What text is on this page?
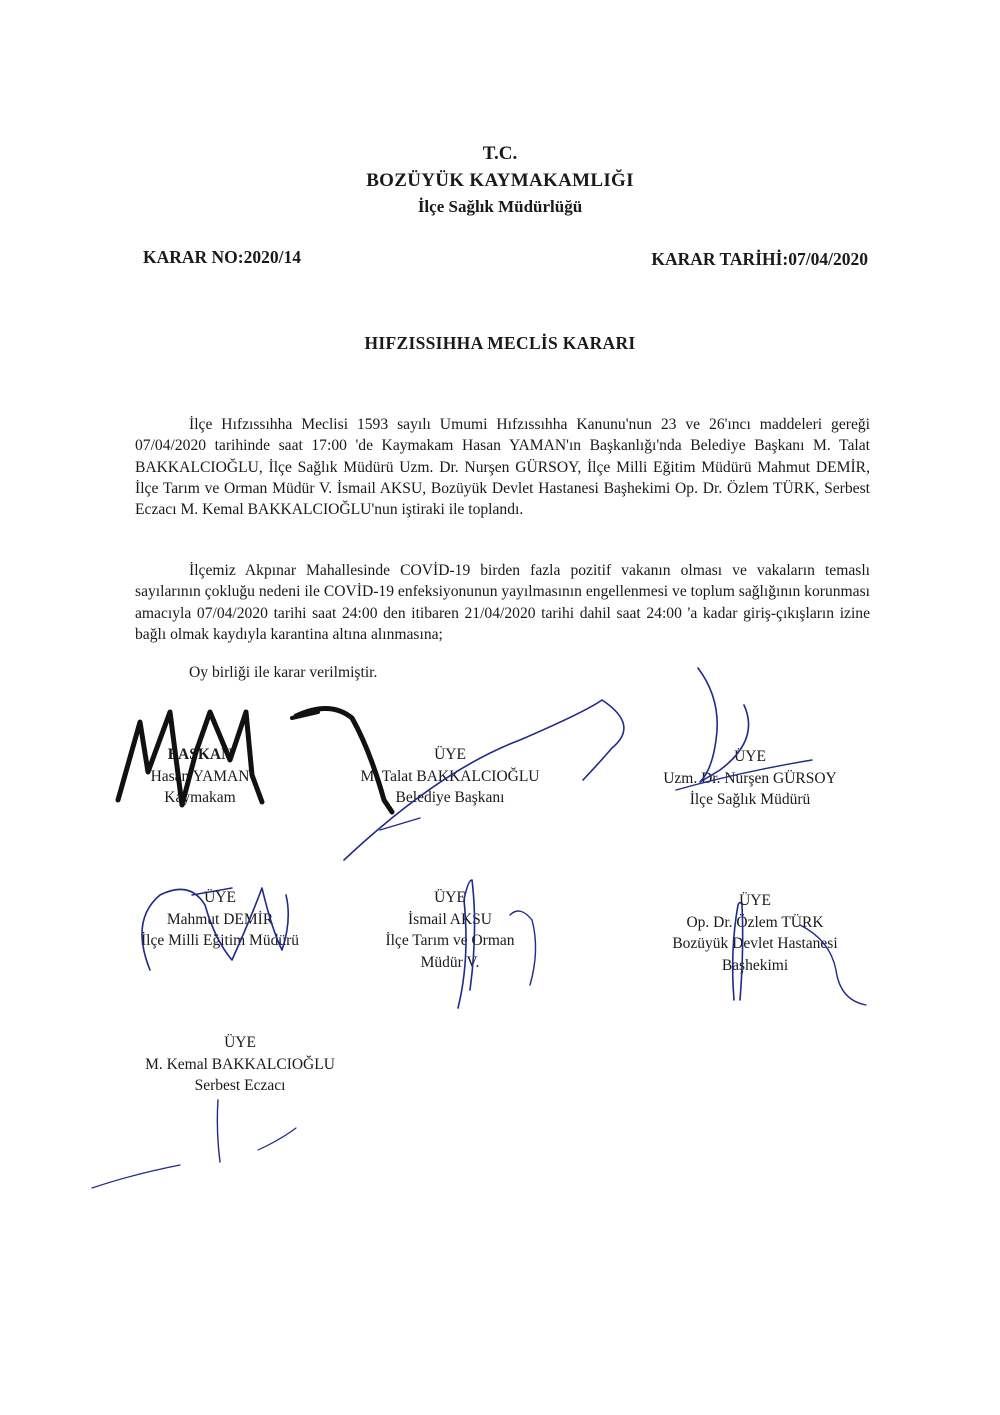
T.C.
BOZÜYÜK KAYMAKAMLIĞI
İlçe Sağlık Müdürlüğü
KARAR NO:2020/14	KARAR TARİHİ:07/04/2020
HIFZISSIHHA MECLİS KARARI

İlçe Hıfzıssıhha Meclisi 1593 sayılı Umumi Hıfzıssıhha Kanunu'nun 23 ve 26'ıncı maddeleri gereği 07/04/2020 tarihinde saat 17:00 'de Kaymakam Hasan YAMAN'ın Başkanlığı'nda Belediye Başkanı M. Talat BAKKALCIOĞLU, İlçe Sağlık Müdürü Uzm. Dr. Nurşen GÜRSOY, İlçe Milli Eğitim Müdürü Mahmut DEMİR, İlçe Tarım ve Orman Müdür V. İsmail AKSU, Bozüyük Devlet Hastanesi Başhekimi Op. Dr. Özlem TÜRK, Serbest Eczacı M. Kemal BAKKALCIOĞLU'nun iştiraki ile toplandı.

İlçemiz Akpınar Mahallesinde COVİD-19 birden fazla pozitif vakanın olması ve vakaların temaslı sayılarının çokluğu nedeni ile COVİD-19 enfeksiyonunun yayılmasının engellenmesi ve toplum sağlığının korunması amacıyla 07/04/2020 tarihi saat 24:00 den itibaren 21/04/2020 tarihi dahil saat 24:00 'a kadar giriş-çıkışların izine bağlı olmak kaydıyla karantina altına alınmasına;

Oy birliği ile karar verilmiştir.

BAŞKAN
Hasan YAMAN
Kaymakam
ÜYE
M. Talat BAKKALCIOĞLU
Belediye Başkanı
ÜYE
Uzm. Dr. Nurşen GÜRSOY
İlçe Sağlık Müdürü
ÜYE
Mahmut DEMİR
İlçe Milli Eğitim Müdürü
ÜYE
İsmail AKSU
İlçe Tarım ve Orman
Müdür V.
ÜYE
Op. Dr. Özlem TÜRK
Bozüyük Devlet Hastanesi
Başhekimi
ÜYE
M. Kemal BAKKALCIOĞLU
Serbest Eczacı
